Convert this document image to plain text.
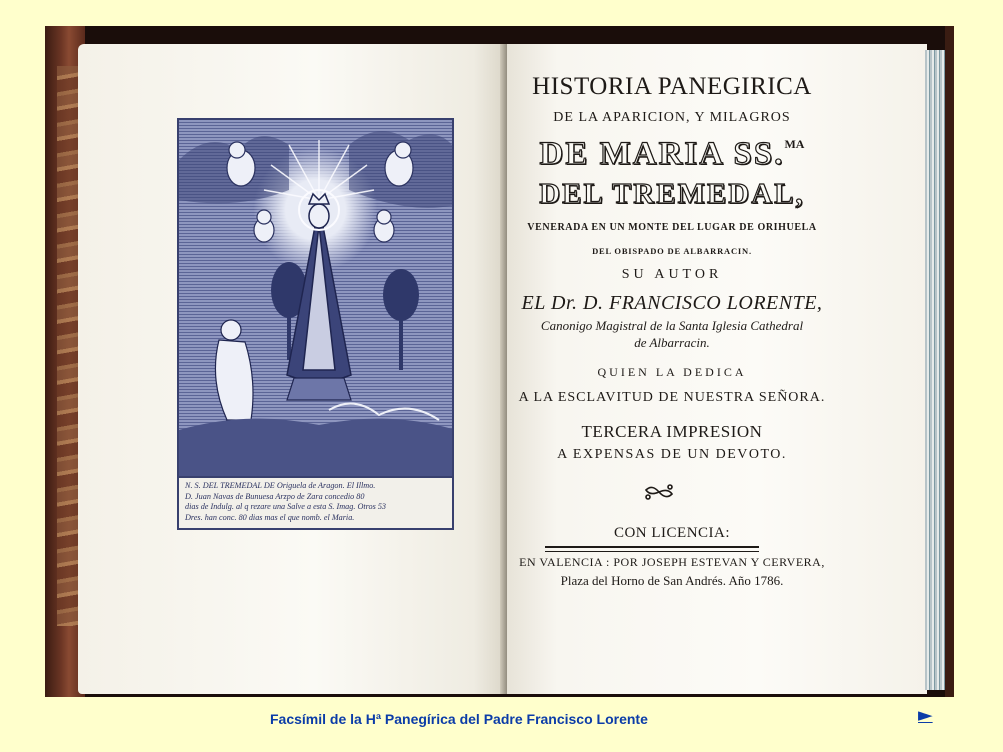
N. S. DEL TREMEDAL DE Origuela de Aragon. El Illmo.
D. Juan Navas de Bunuesa Arzpo de Zara concedio 80
dias de Indulg. al q rezare una Salve a esta S. Imag. Otros 53
Dres. han conc. 80 dias mas el que nomb. el Maria.
HISTORIA PANEGIRICA
DE LA APARICION, Y MILAGROS
DE MARIA SS.$^{MA}$
DEL TREMEDAL,
VENERADA EN UN MONTE DEL LUGAR DE ORIHUELA
DEL OBISPADO DE ALBARRACIN.
SU AUTOR
EL Dr. D. FRANCISCO LORENTE,
Canonigo Magistral de la Santa Iglesia Cathedral
de Albarracin.
QUIEN LA DEDICA
A LA ESCLAVITUD DE NUESTRA SEÑORA.
TERCERA IMPRESION
A EXPENSAS DE UN DEVOTO.
CON LICENCIA:
EN VALENCIA : POR JOSEPH ESTEVAN Y CERVERA,
Plaza del Horno de San Andrés. Año 1786.
Facsímil de la Hª Panegírica del Padre Francisco Lorente	►
